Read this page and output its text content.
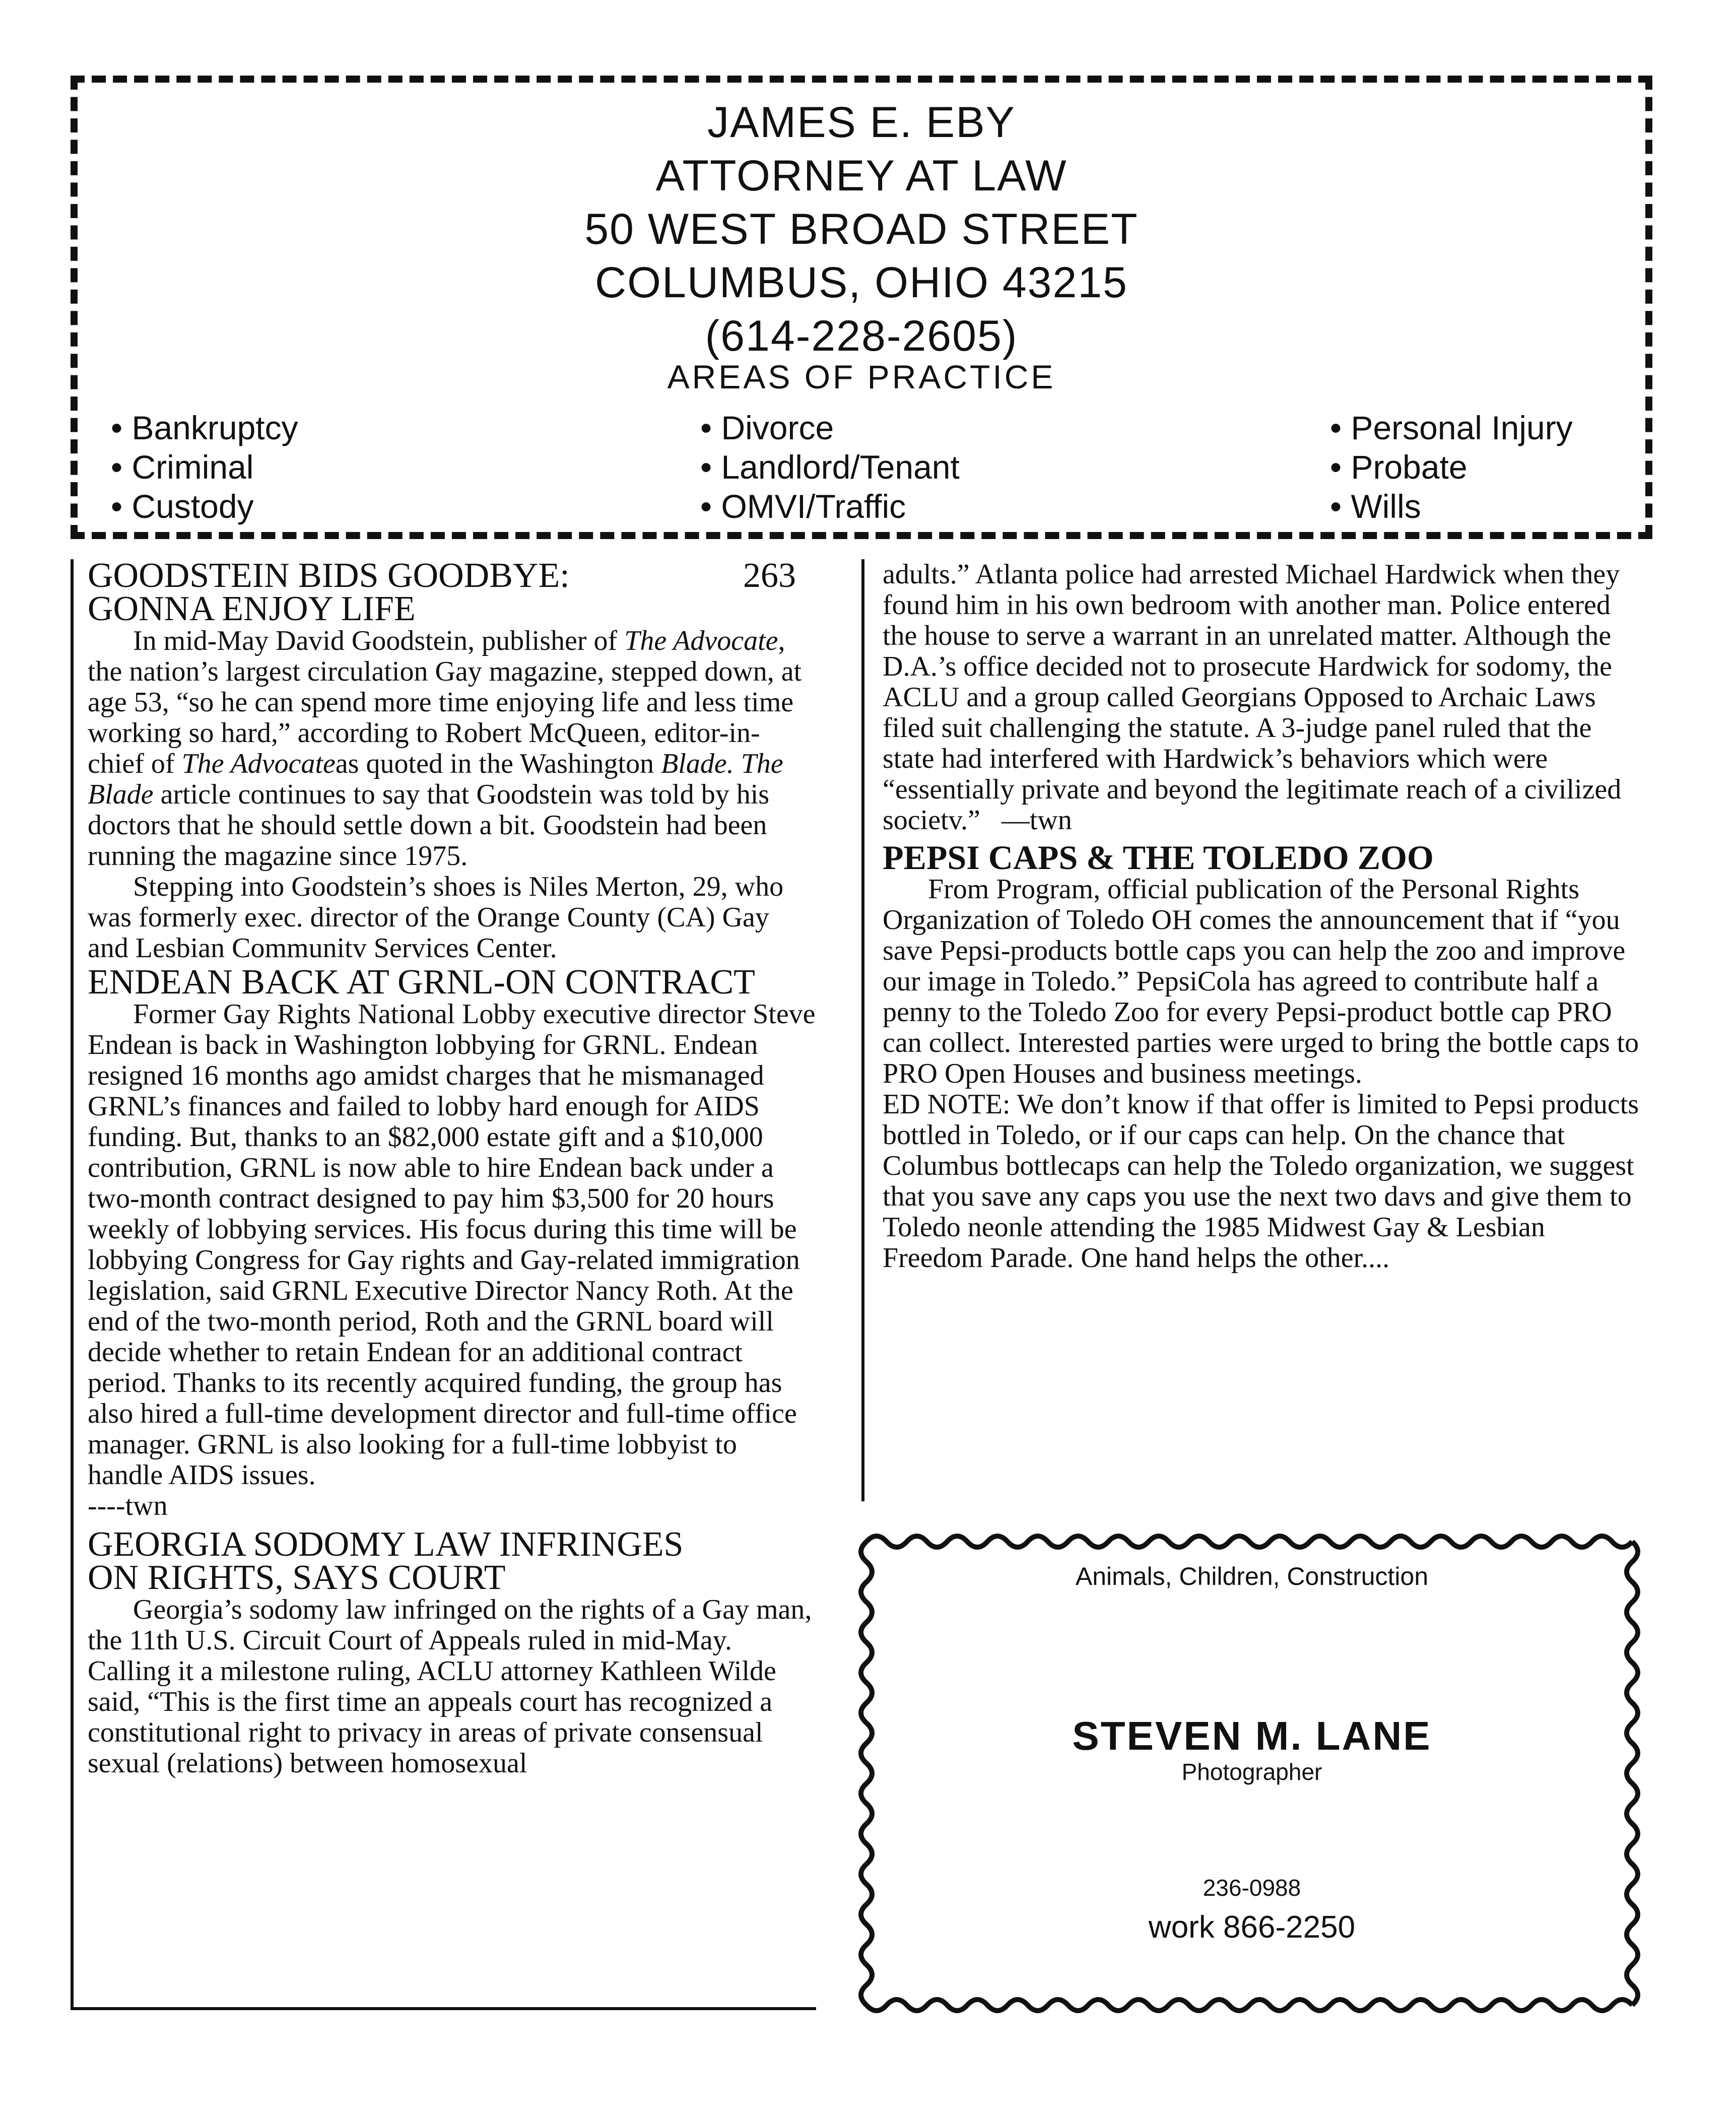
JAMES E. EBY
ATTORNEY AT LAW
50 WEST BROAD STREET
COLUMBUS, OHIO 43215
(614-228-2605)
AREAS OF PRACTICE
• Bankruptcy
• Criminal
• Custody
• Divorce
• Landlord/Tenant
• OMVI/Traffic
• Personal Injury
• Probate
• Wills
GOODSTEIN BIDS GOODBYE:	263
GONNA ENJOY LIFE

In mid-May David Goodstein, publisher of The Advocate, the nation’s largest circulation Gay magazine, stepped down, at age 53, “so he can spend more time enjoying life and less time working so hard,” according to Robert McQueen, editor-in-chief of The Advocateas quoted in the Washington Blade. The Blade article continues to say that Goodstein was told by his doctors that he should settle down a bit. Goodstein had been running the magazine since 1975.

Stepping into Goodstein’s shoes is Niles Merton, 29, who was formerly exec. director of the Orange County (CA) Gay and Lesbian Communitv Services Center.

ENDEAN BACK AT GRNL-ON CONTRACT

Former Gay Rights National Lobby executive director Steve Endean is back in Washington lobbying for GRNL. Endean resigned 16 months ago amidst charges that he mismanaged GRNL’s finances and failed to lobby hard enough for AIDS funding. But, thanks to an $82,000 estate gift and a $10,000 contribution, GRNL is now able to hire Endean back under a two-month contract designed to pay him $3,500 for 20 hours weekly of lobbying services. His focus during this time will be lobbying Congress for Gay rights and Gay-related immigration legislation, said GRNL Executive Director Nancy Roth. At the end of the two-month period, Roth and the GRNL board will decide whether to retain Endean for an additional contract period. Thanks to its recently acquired funding, the group has also hired a full-time development director and full-time office manager. GRNL is also looking for a full-time lobbyist to handle AIDS issues.

----twn

GEORGIA SODOMY LAW INFRINGES
ON RIGHTS, SAYS COURT

Georgia’s sodomy law infringed on the rights of a Gay man, the 11th U.S. Circuit Court of Appeals ruled in mid-May. Calling it a milestone ruling, ACLU attorney Kathleen Wilde said, “This is the first time an appeals court has recognized a constitutional right to privacy in areas of private consensual sexual (relations) between homosexual

adults.” Atlanta police had arrested Michael Hardwick when they found him in his own bedroom with another man. Police entered the house to serve a warrant in an unrelated matter. Although the D.A.’s office decided not to prosecute Hardwick for sodomy, the ACLU and a group called Georgians Opposed to Archaic Laws filed suit challenging the statute. A 3-judge panel ruled that the state had interfered with Hardwick’s behaviors which were “essentially private and beyond the legitimate reach of a civilized societv.” —twn

PEPSI CAPS & THE TOLEDO ZOO

From Program, official publication of the Personal Rights Organization of Toledo OH comes the announcement that if “you save Pepsi-products bottle caps you can help the zoo and improve our image in Toledo.” PepsiCola has agreed to contribute half a penny to the Toledo Zoo for every Pepsi-product bottle cap PRO can collect. Interested parties were urged to bring the bottle caps to PRO Open Houses and business meetings.

ED NOTE: We don’t know if that offer is limited to Pepsi products bottled in Toledo, or if our caps can help. On the chance that Columbus bottlecaps can help the Toledo organization, we suggest that you save any caps you use the next two davs and give them to Toledo neonle attending the 1985 Midwest Gay & Lesbian Freedom Parade. One hand helps the other....

Animals, Children, Construction
STEVEN M. LANE
Photographer
236-0988
work 866-2250
